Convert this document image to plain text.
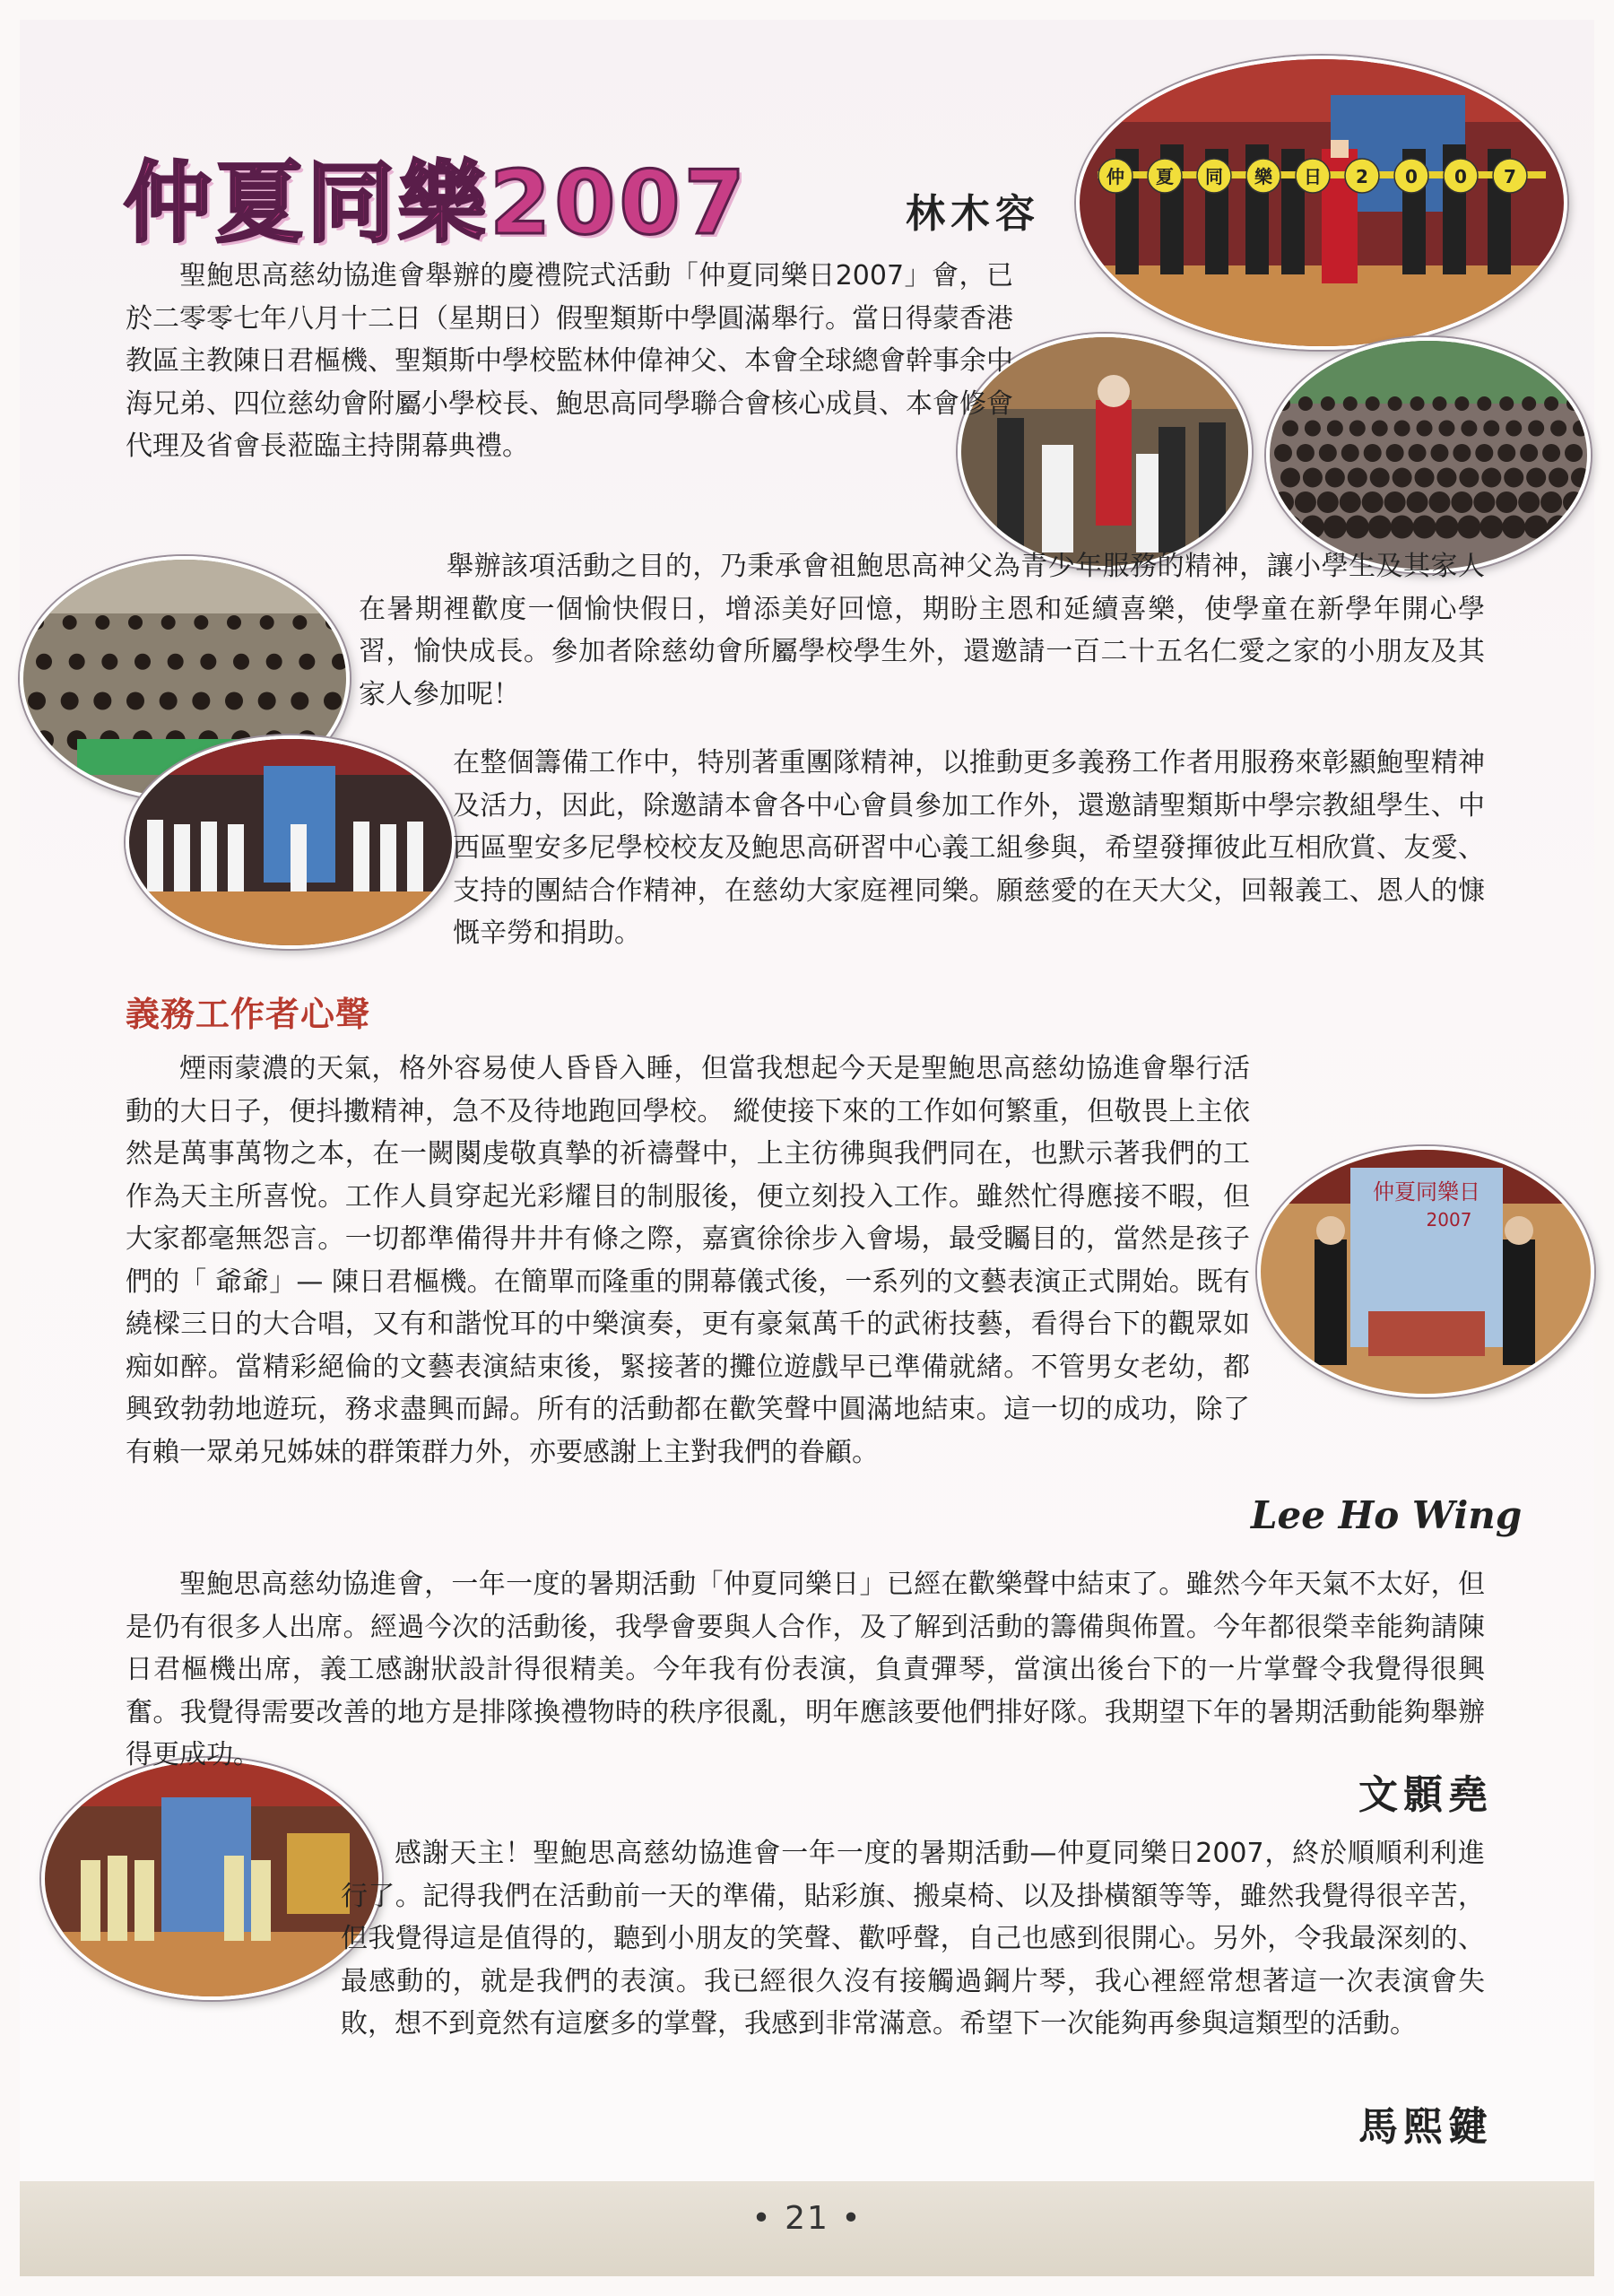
仲夏同樂2007	林木容
仲 夏 同 樂 日 2 0 0 7
仲夏同樂日
2007
聖鮑思高慈幼協進會舉辦的慶禮院式活動「仲夏同樂日2007」會，已於二零零七年八月十二日（星期日）假聖類斯中學圓滿舉行。當日得蒙香港教區主教陳日君樞機、聖類斯中學校監林仲偉神父、本會全球總會幹事余中海兄弟、四位慈幼會附屬小學校長、鮑思高同學聯合會核心成員、本會修會代理及省會長蒞臨主持開幕典禮。
舉辦該項活動之目的，乃秉承會祖鮑思高神父為青少年服務的精神，讓小學生及其家人在暑期裡歡度一個愉快假日，增添美好回憶，期盼主恩和延續喜樂，使學童在新學年開心學習，愉快成長。參加者除慈幼會所屬學校學生外，還邀請一百二十五名仁愛之家的小朋友及其家人參加呢！
在整個籌備工作中，特別著重團隊精神，以推動更多義務工作者用服務來彰顯鮑聖精神及活力，因此，除邀請本會各中心會員參加工作外，還邀請聖類斯中學宗教組學生、中西區聖安多尼學校校友及鮑思高研習中心義工組參與，希望發揮彼此互相欣賞、友愛、支持的團結合作精神，在慈幼大家庭裡同樂。願慈愛的在天大父，回報義工、恩人的慷慨辛勞和捐助。
義務工作者心聲
煙雨蒙濃的天氣，格外容易使人昏昏入睡，但當我想起今天是聖鮑思高慈幼協進會舉行活動的大日子，便抖擻精神，急不及待地跑回學校。 縱使接下來的工作如何繁重，但敬畏上主依然是萬事萬物之本，在一闕闋虔敬真摯的祈禱聲中，上主彷彿與我們同在，也默示著我們的工作為天主所喜悅。工作人員穿起光彩耀目的制服後，便立刻投入工作。雖然忙得應接不暇，但大家都毫無怨言。一切都準備得井井有條之際，嘉賓徐徐步入會場，最受矚目的，當然是孩子們的「 爺爺」— 陳日君樞機。在簡單而隆重的開幕儀式後，一系列的文藝表演正式開始。既有繞樑三日的大合唱，又有和諧悅耳的中樂演奏，更有豪氣萬千的武術技藝，看得台下的觀眾如痴如醉。當精彩絕倫的文藝表演結束後，緊接著的攤位遊戲早已準備就緒。不管男女老幼，都興致勃勃地遊玩，務求盡興而歸。所有的活動都在歡笑聲中圓滿地結束。這一切的成功，除了有賴一眾弟兄姊妹的群策群力外，亦要感謝上主對我們的眷顧。
Lee Ho Wing
聖鮑思高慈幼協進會，一年一度的暑期活動「仲夏同樂日」已經在歡樂聲中結束了。雖然今年天氣不太好，但是仍有很多人出席。經過今次的活動後，我學會要與人合作，及了解到活動的籌備與佈置。今年都很榮幸能夠請陳日君樞機出席，義工感謝狀設計得很精美。今年我有份表演，負責彈琴，當演出後台下的一片掌聲令我覺得很興奮。我覺得需要改善的地方是排隊換禮物時的秩序很亂，明年應該要他們排好隊。我期望下年的暑期活動能夠舉辦得更成功。
文顥堯
感謝天主！聖鮑思高慈幼協進會一年一度的暑期活動—仲夏同樂日2007，終於順順利利進行了。記得我們在活動前一天的準備，貼彩旗、搬桌椅、以及掛橫額等等，雖然我覺得很辛苦，但我覺得這是值得的，聽到小朋友的笑聲、歡呼聲，自己也感到很開心。另外，令我最深刻的、最感動的，就是我們的表演。我已經很久沒有接觸過鋼片琴，我心裡經常想著這一次表演會失敗，想不到竟然有這麼多的掌聲，我感到非常滿意。希望下一次能夠再參與這類型的活動。
馬熙鍵
• 21 •
